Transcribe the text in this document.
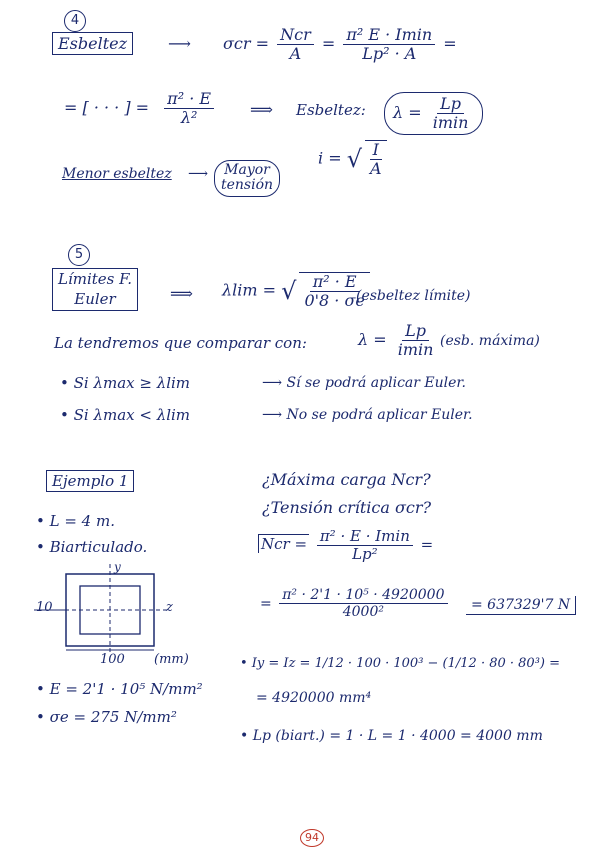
4
Esbeltez	⟶ $\sigma cr = \frac{\text{Ncr}}{A} = \frac{\text{π² E · Imin}}{\text{Lp² · A}}$ =
= [ · · · ] = $\frac{\text{π² · E}}{\text{λ²}}$ ⟹ Esbeltez:	$\lambda = \frac{Lp}{imin}$
i = √ $\frac{I}{A}$
Menor esbeltez ⟶	Mayor
tensión
5
Límites F.
Euler	⟹ λlim = √ $\frac{\text{π² · E}}{0'8 \cdot \sigma e}$
(esbeltez límite)
La tendremos que comparar con:	$\lambda = \frac{Lp}{imin} (esb$. máxima)
• Si λmax ≥ λlim	⟶ Sí se podrá aplicar Euler.
• Si λmax < λlim	⟶ No se podrá aplicar Euler.
Ejemplo 1	¿Máxima carga Ncr?
¿Tensión crítica σcr?
• L = 4 m.
• Biarticulado.
y
z
10
100 (mm)
• E = 2'1 · 10⁵ N/mm²
• σe = 275 N/mm²
Ncr = $\frac{\text{π² · E · Imin}}{\text{Lp²}}$ =
= $\frac{\text{π² · 2'1 · 10⁵ · 4920000}}{\text{4000²}}$	= 637329'7 N
• Iy = Iz = 1/12 · 100 · 100³ − (1/12 · 80 · 80³) =
= 4920000 mm⁴
• Lp (biart.) = 1 · L = 1 · 4000 = 4000 mm
94
